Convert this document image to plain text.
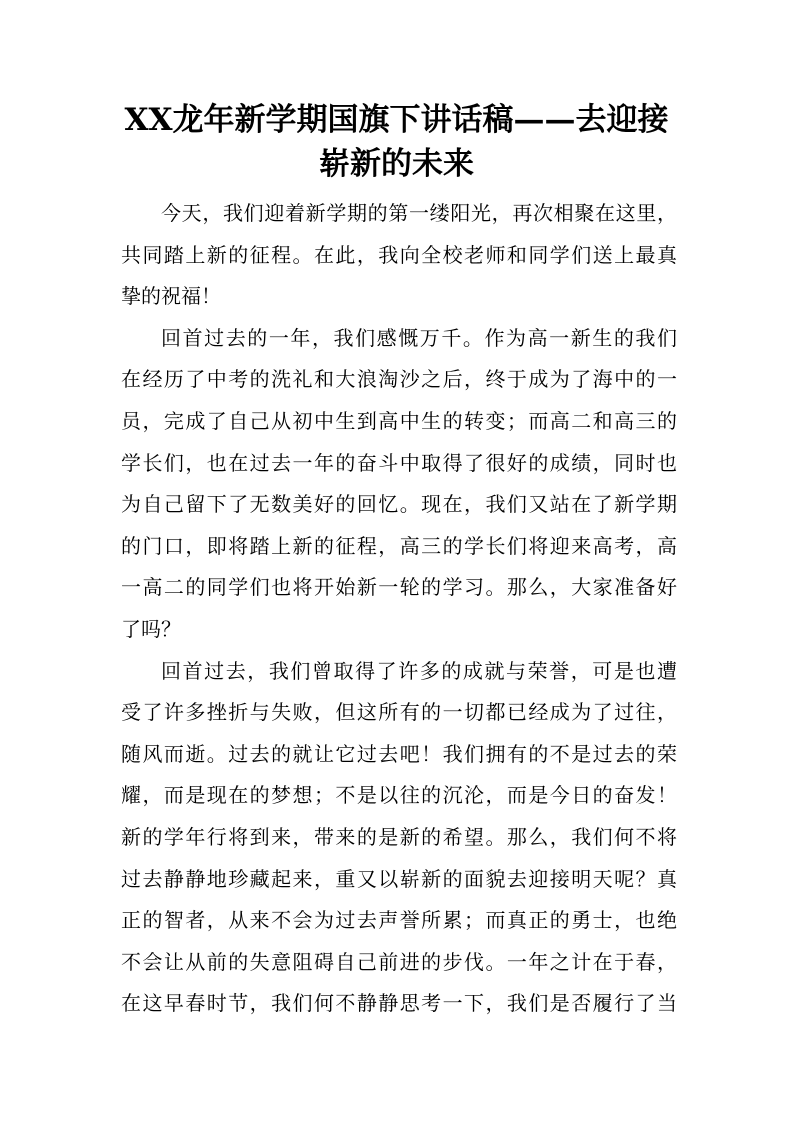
XX龙年新学期国旗下讲话稿——去迎接
崭新的未来

今天，我们迎着新学期的第一缕阳光，再次相聚在这里，
共同踏上新的征程。在此，我向全校老师和同学们送上最真
挚的祝福！

回首过去的一年，我们感慨万千。作为高一新生的我们
在经历了中考的洗礼和大浪淘沙之后，终于成为了海中的一
员，完成了自己从初中生到高中生的转变；而高二和高三的
学长们，也在过去一年的奋斗中取得了很好的成绩，同时也
为自己留下了无数美好的回忆。现在，我们又站在了新学期
的门口，即将踏上新的征程，高三的学长们将迎来高考，高
一高二的同学们也将开始新一轮的学习。那么，大家准备好
了吗？

回首过去，我们曾取得了许多的成就与荣誉，可是也遭
受了许多挫折与失败，但这所有的一切都已经成为了过往，
随风而逝。过去的就让它过去吧！我们拥有的不是过去的荣
耀，而是现在的梦想；不是以往的沉沦，而是今日的奋发！
新的学年行将到来，带来的是新的希望。那么，我们何不将
过去静静地珍藏起来，重又以崭新的面貌去迎接明天呢？真
正的智者，从来不会为过去声誉所累；而真正的勇士，也绝
不会让从前的失意阻碍自己前进的步伐。一年之计在于春，
在这早春时节，我们何不静静思考一下，我们是否履行了当
